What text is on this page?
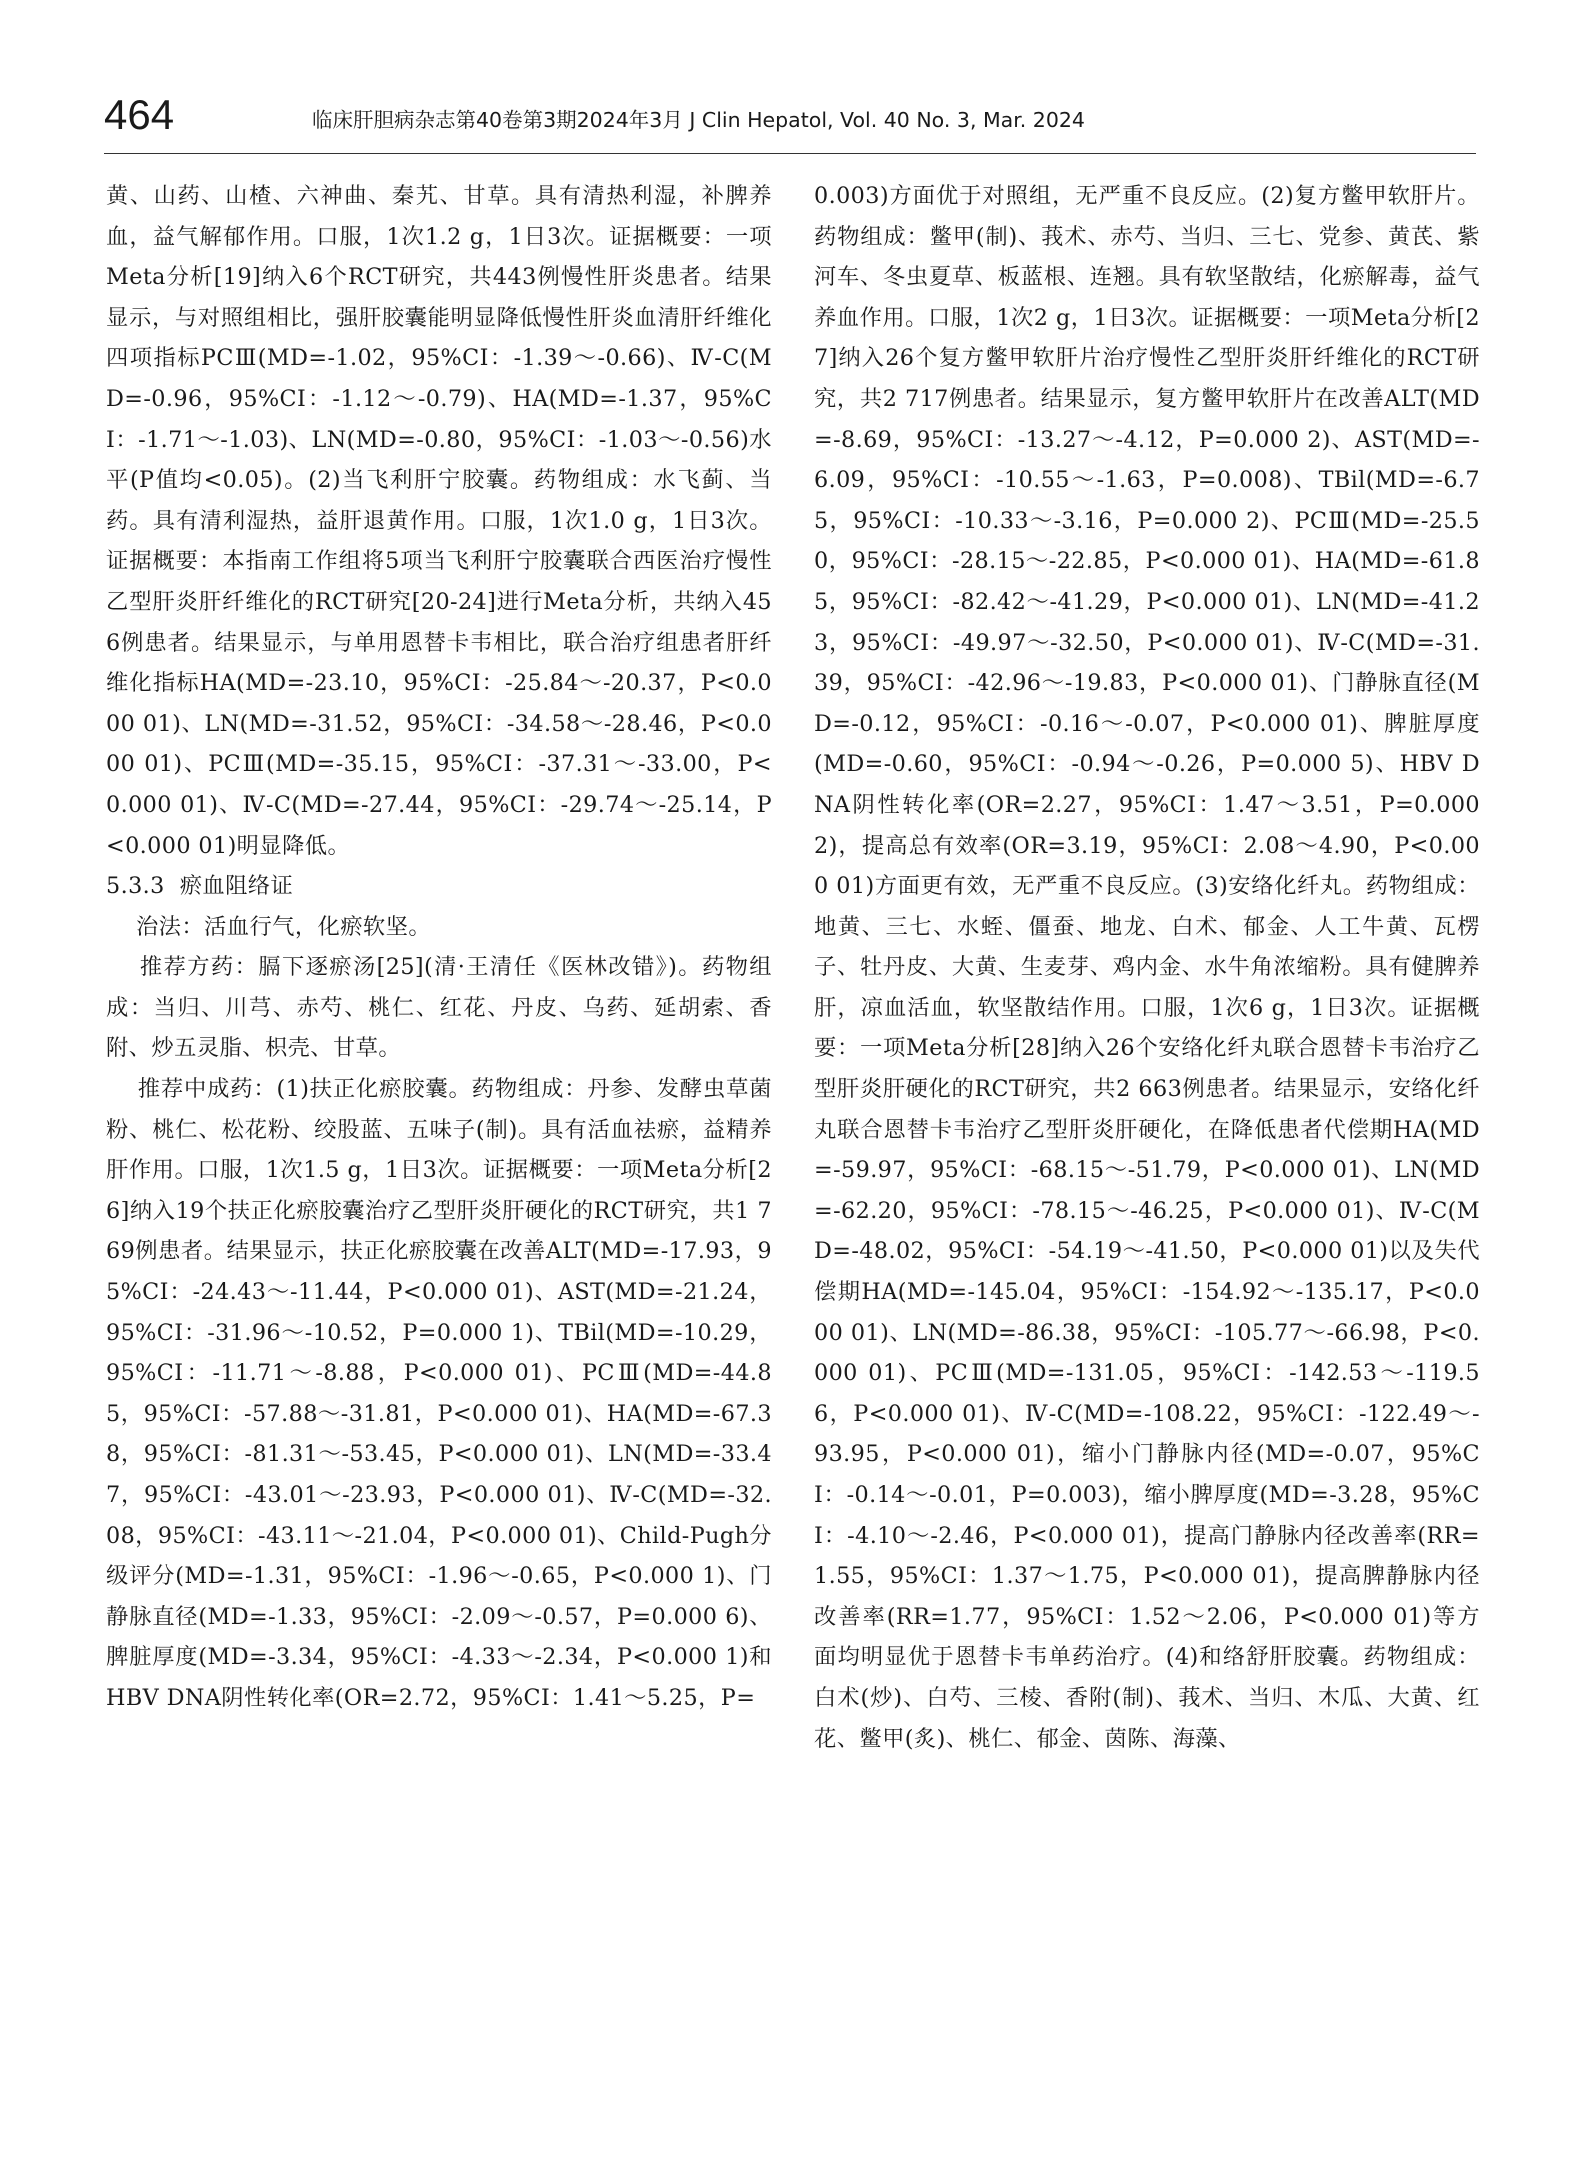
464	临床肝胆病杂志第40卷第3期2024年3月 J Clin Hepatol, Vol. 40 No. 3, Mar. 2024

黄、山药、山楂、六神曲、秦艽、甘草。具有清热利湿，补脾养血，益气解郁作用。口服，1次1.2 g，1日3次。证据概要：一项Meta分析[19]纳入6个RCT研究，共443例慢性肝炎患者。结果显示，与对照组相比，强肝胶囊能明显降低慢性肝炎血清肝纤维化四项指标PCⅢ(MD=-1.02，95%CI：-1.39～-0.66)、Ⅳ-C(MD=-0.96，95%CI：-1.12～-0.79)、HA(MD=-1.37，95%CI：-1.71～-1.03)、LN(MD=-0.80，95%CI：-1.03～-0.56)水平(P值均<0.05)。(2)当飞利肝宁胶囊。药物组成：水飞蓟、当药。具有清利湿热，益肝退黄作用。口服，1次1.0 g，1日3次。证据概要：本指南工作组将5项当飞利肝宁胶囊联合西医治疗慢性乙型肝炎肝纤维化的RCT研究[20-24]进行Meta分析，共纳入456例患者。结果显示，与单用恩替卡韦相比，联合治疗组患者肝纤维化指标HA(MD=-23.10，95%CI：-25.84～-20.37，P<0.000 01)、LN(MD=-31.52，95%CI：-34.58～-28.46，P<0.000 01)、PCⅢ(MD=-35.15，95%CI：-37.31～-33.00，P<0.000 01)、Ⅳ-C(MD=-27.44，95%CI：-29.74～-25.14，P<0.000 01)明显降低。

5.3.3  瘀血阻络证

治法：活血行气，化瘀软坚。

推荐方药：膈下逐瘀汤[25](清·王清任《医林改错》)。药物组成：当归、川芎、赤芍、桃仁、红花、丹皮、乌药、延胡索、香附、炒五灵脂、枳壳、甘草。

推荐中成药：(1)扶正化瘀胶囊。药物组成：丹参、发酵虫草菌粉、桃仁、松花粉、绞股蓝、五味子(制)。具有活血祛瘀，益精养肝作用。口服，1次1.5 g，1日3次。证据概要：一项Meta分析[26]纳入19个扶正化瘀胶囊治疗乙型肝炎肝硬化的RCT研究，共1 769例患者。结果显示，扶正化瘀胶囊在改善ALT(MD=-17.93，95%CI：-24.43～-11.44，P<0.000 01)、AST(MD=-21.24，95%CI：-31.96～-10.52，P=0.000 1)、TBil(MD=-10.29，95%CI：-11.71～-8.88，P<0.000 01)、PCⅢ(MD=-44.85，95%CI：-57.88～-31.81，P<0.000 01)、HA(MD=-67.38，95%CI：-81.31～-53.45，P<0.000 01)、LN(MD=-33.47，95%CI：-43.01～-23.93，P<0.000 01)、Ⅳ-C(MD=-32.08，95%CI：-43.11～-21.04，P<0.000 01)、Child-Pugh分级评分(MD=-1.31，95%CI：-1.96～-0.65，P<0.000 1)、门静脉直径(MD=-1.33，95%CI：-2.09～-0.57，P=0.000 6)、脾脏厚度(MD=-3.34，95%CI：-4.33～-2.34，P<0.000 1)和HBV DNA阴性转化率(OR=2.72，95%CI：1.41～5.25，P=

0.003)方面优于对照组，无严重不良反应。(2)复方鳖甲软肝片。药物组成：鳖甲(制)、莪术、赤芍、当归、三七、党参、黄芪、紫河车、冬虫夏草、板蓝根、连翘。具有软坚散结，化瘀解毒，益气养血作用。口服，1次2 g，1日3次。证据概要：一项Meta分析[27]纳入26个复方鳖甲软肝片治疗慢性乙型肝炎肝纤维化的RCT研究，共2 717例患者。结果显示，复方鳖甲软肝片在改善ALT(MD=-8.69，95%CI：-13.27～-4.12，P=0.000 2)、AST(MD=-6.09，95%CI：-10.55～-1.63，P=0.008)、TBil(MD=-6.75，95%CI：-10.33～-3.16，P=0.000 2)、PCⅢ(MD=-25.50，95%CI：-28.15～-22.85，P<0.000 01)、HA(MD=-61.85，95%CI：-82.42～-41.29，P<0.000 01)、LN(MD=-41.23，95%CI：-49.97～-32.50，P<0.000 01)、Ⅳ-C(MD=-31.39，95%CI：-42.96～-19.83，P<0.000 01)、门静脉直径(MD=-0.12，95%CI：-0.16～-0.07，P<0.000 01)、脾脏厚度(MD=-0.60，95%CI：-0.94～-0.26，P=0.000 5)、HBV DNA阴性转化率(OR=2.27，95%CI：1.47～3.51，P=0.000 2)，提高总有效率(OR=3.19，95%CI：2.08～4.90，P<0.000 01)方面更有效，无严重不良反应。(3)安络化纤丸。药物组成：地黄、三七、水蛭、僵蚕、地龙、白术、郁金、人工牛黄、瓦楞子、牡丹皮、大黄、生麦芽、鸡内金、水牛角浓缩粉。具有健脾养肝，凉血活血，软坚散结作用。口服，1次6 g，1日3次。证据概要：一项Meta分析[28]纳入26个安络化纤丸联合恩替卡韦治疗乙型肝炎肝硬化的RCT研究，共2 663例患者。结果显示，安络化纤丸联合恩替卡韦治疗乙型肝炎肝硬化，在降低患者代偿期HA(MD=-59.97，95%CI：-68.15～-51.79，P<0.000 01)、LN(MD=-62.20，95%CI：-78.15～-46.25，P<0.000 01)、Ⅳ-C(MD=-48.02，95%CI：-54.19～-41.50，P<0.000 01)以及失代偿期HA(MD=-145.04，95%CI：-154.92～-135.17，P<0.000 01)、LN(MD=-86.38，95%CI：-105.77～-66.98，P<0.000 01)、PCⅢ(MD=-131.05，95%CI：-142.53～-119.56，P<0.000 01)、Ⅳ-C(MD=-108.22，95%CI：-122.49～-93.95，P<0.000 01)，缩小门静脉内径(MD=-0.07，95%CI：-0.14～-0.01，P=0.003)，缩小脾厚度(MD=-3.28，95%CI：-4.10～-2.46，P<0.000 01)，提高门静脉内径改善率(RR=1.55，95%CI：1.37～1.75，P<0.000 01)，提高脾静脉内径改善率(RR=1.77，95%CI：1.52～2.06，P<0.000 01)等方面均明显优于恩替卡韦单药治疗。(4)和络舒肝胶囊。药物组成：白术(炒)、白芍、三棱、香附(制)、莪术、当归、木瓜、大黄、红花、鳖甲(炙)、桃仁、郁金、茵陈、海藻、
